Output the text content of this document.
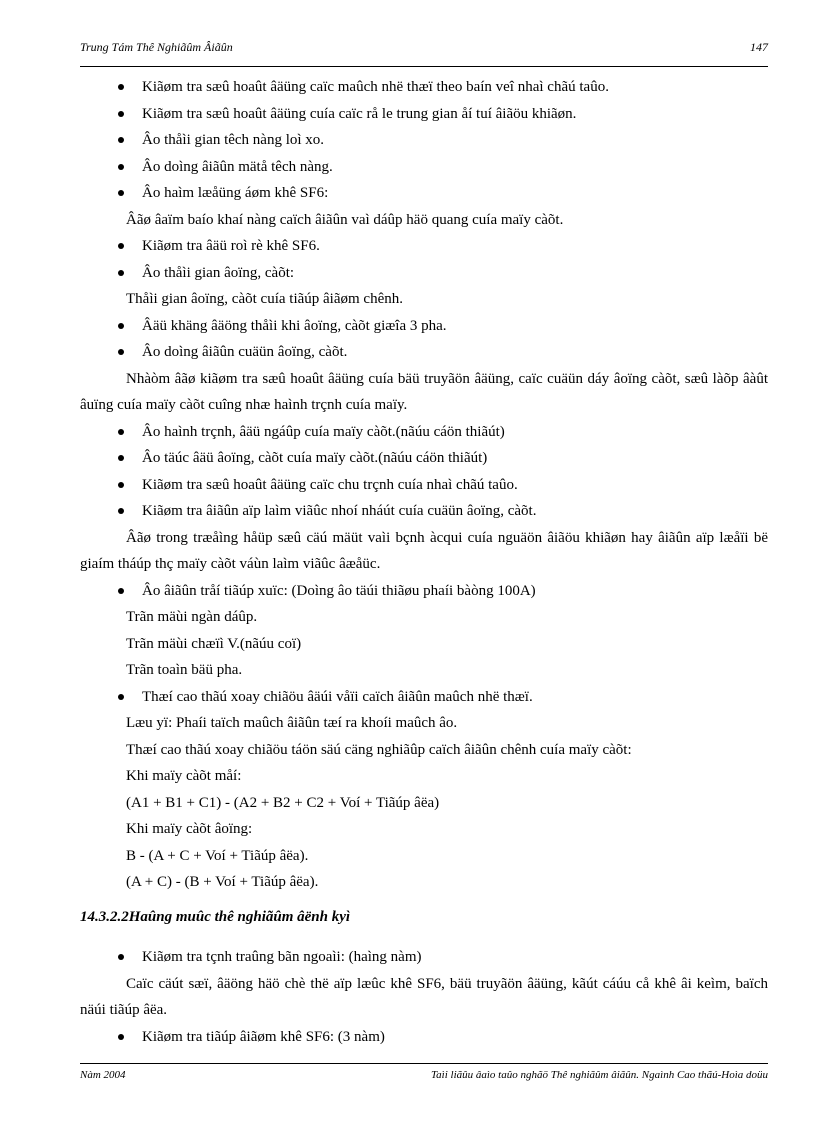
Trung Tám Thê Nghiãûm Âiãûn	147

Kiãøm tra sæû hoaût âäüng caïc maûch nhë thæï theo baín veî nhaì chãú taûo.

Kiãøm tra sæû hoaût âäüng cuía caïc rå le trung gian åí tuí âiãöu khiãøn.

Âo thåìi gian têch nàng loì xo.

Âo doìng âiãûn mätå têch nàng.

Âo haìm læåüng áøm khê SF6:

Âãø âaïm baío khaí nàng caïch âiãûn vaì dáûp häö quang cuía maïy càõt.

Kiãøm tra âäü roì rè khê SF6.

Âo thåìi gian âoïng, càõt:

Thåìi gian âoïng, càõt cuía tiãúp âiãøm chênh.

Âäü khäng âäöng thåìi khi âoïng, càõt giæîa 3 pha.

Âo doìng âiãûn cuäün âoïng, càõt.

Nhàòm âãø kiãøm tra sæû hoaût âäüng cuía bäü truyãön âäüng, caïc cuäün dáy âoïng càõt, sæû làõp âàût âuïng cuía maïy càõt cuîng nhæ haình trçnh cuía maïy.

Âo haình trçnh, âäü ngáûp cuía maïy càõt.(nãúu cáön thiãút)

Âo täúc âäü âoïng, càõt cuía maïy càõt.(nãúu cáön thiãút)

Kiãøm tra sæû hoaût âäüng caïc chu trçnh cuía nhaì chãú taûo.

Kiãøm tra âiãûn aïp laìm viãûc nhoí nháút cuía cuäün âoïng, càõt.

Âãø trong træåìng håüp sæû cäú mäüt vaìi bçnh àcqui cuía nguäön âiãöu khiãøn hay âiãûn aïp læåïi bë giaím tháúp thç maïy càõt váùn laìm viãûc âæåüc.

Âo âiãûn tråí tiãúp xuïc: (Doìng âo täúi thiãøu phaíi bàòng 100A)

Trãn mäùi ngàn dáûp.

Trãn mäùi chæïì V.(nãúu coï)

Trãn toaìn bäü pha.

Thæí cao thãú xoay chiãöu âäúi våïi caïch âiãûn maûch nhë thæï.

Læu yï: Phaíi taïch maûch âiãûn tæí ra khoíi maûch âo.

Thæí cao thãú xoay chiãöu táön säú cäng nghiãûp caïch âiãûn chênh cuía maïy càõt:

Khi maïy càõt måí:

(A1 + B1 + C1) - (A2 + B2 + C2 + Voí + Tiãúp âëa)

Khi maïy càõt âoïng:

B - (A + C + Voí + Tiãúp âëa).

(A + C) - (B + Voí + Tiãúp âëa).

14.3.2.2Haûng muûc thê nghiãûm âënh kyì

Kiãøm tra tçnh traûng bãn ngoaìi: (haìng nàm)

Caïc cäút sæï, âäöng häö chè thë aïp læûc khê SF6, bäü truyãön âäüng, kãút cáúu cå khê âi keìm, baïch näúi tiãúp âëa.

Kiãøm tra tiãúp âiãøm khê SF6: (3 nàm)

Nàm 2004	Taìi liãûu âaìo taûo nghãö Thê nghiãûm âiãûn. Ngaình Cao thãú-Hoìa doüu
